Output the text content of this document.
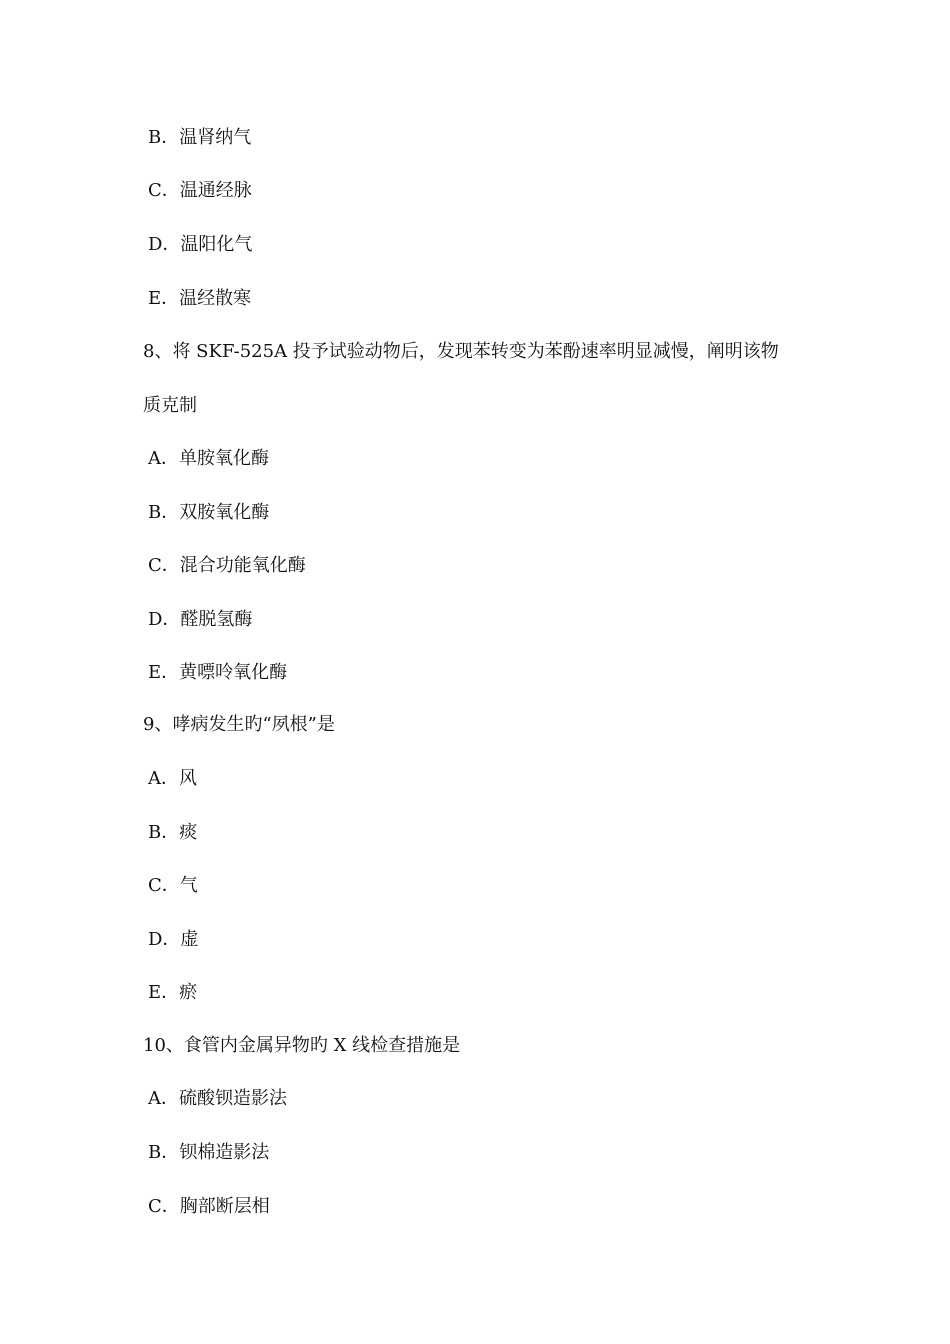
B．温肾纳气
C．温通经脉
D．温阳化气
E．温经散寒
8、将 SKF-525A 投予试验动物后，发现苯转变为苯酚速率明显减慢，阐明该物
质克制
A．单胺氧化酶
B．双胺氧化酶
C．混合功能氧化酶
D．醛脱氢酶
E．黄嘌呤氧化酶
9、哮病发生旳“夙根”是
A．风
B．痰
C．气
D．虚
E．瘀
10、食管内金属异物旳 X 线检查措施是
A．硫酸钡造影法
B．钡棉造影法
C．胸部断层相
